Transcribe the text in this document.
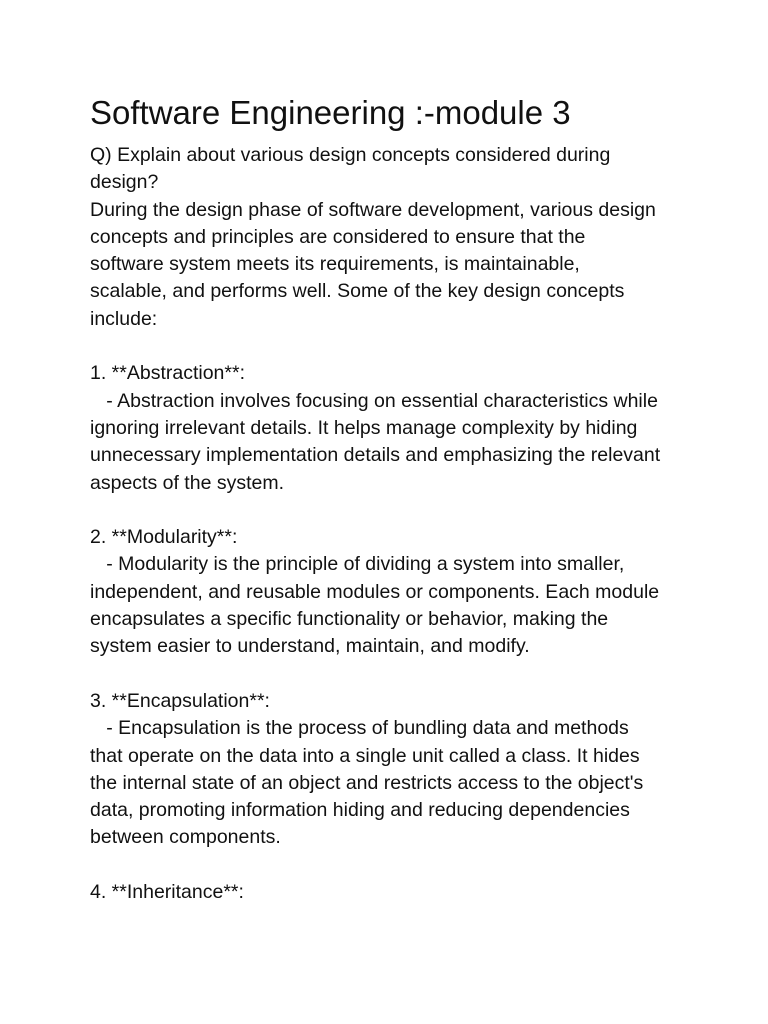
Software Engineering :-module 3
Q) Explain about various design concepts considered during
design?
During the design phase of software development, various design
concepts and principles are considered to ensure that the
software system meets its requirements, is maintainable,
scalable, and performs well. Some of the key design concepts
include:
1. **Abstraction**:
- Abstraction involves focusing on essential characteristics while
ignoring irrelevant details. It helps manage complexity by hiding
unnecessary implementation details and emphasizing the relevant
aspects of the system.
2. **Modularity**:
- Modularity is the principle of dividing a system into smaller,
independent, and reusable modules or components. Each module
encapsulates a specific functionality or behavior, making the
system easier to understand, maintain, and modify.
3. **Encapsulation**:
- Encapsulation is the process of bundling data and methods
that operate on the data into a single unit called a class. It hides
the internal state of an object and restricts access to the object's
data, promoting information hiding and reducing dependencies
between components.
4. **Inheritance**:
